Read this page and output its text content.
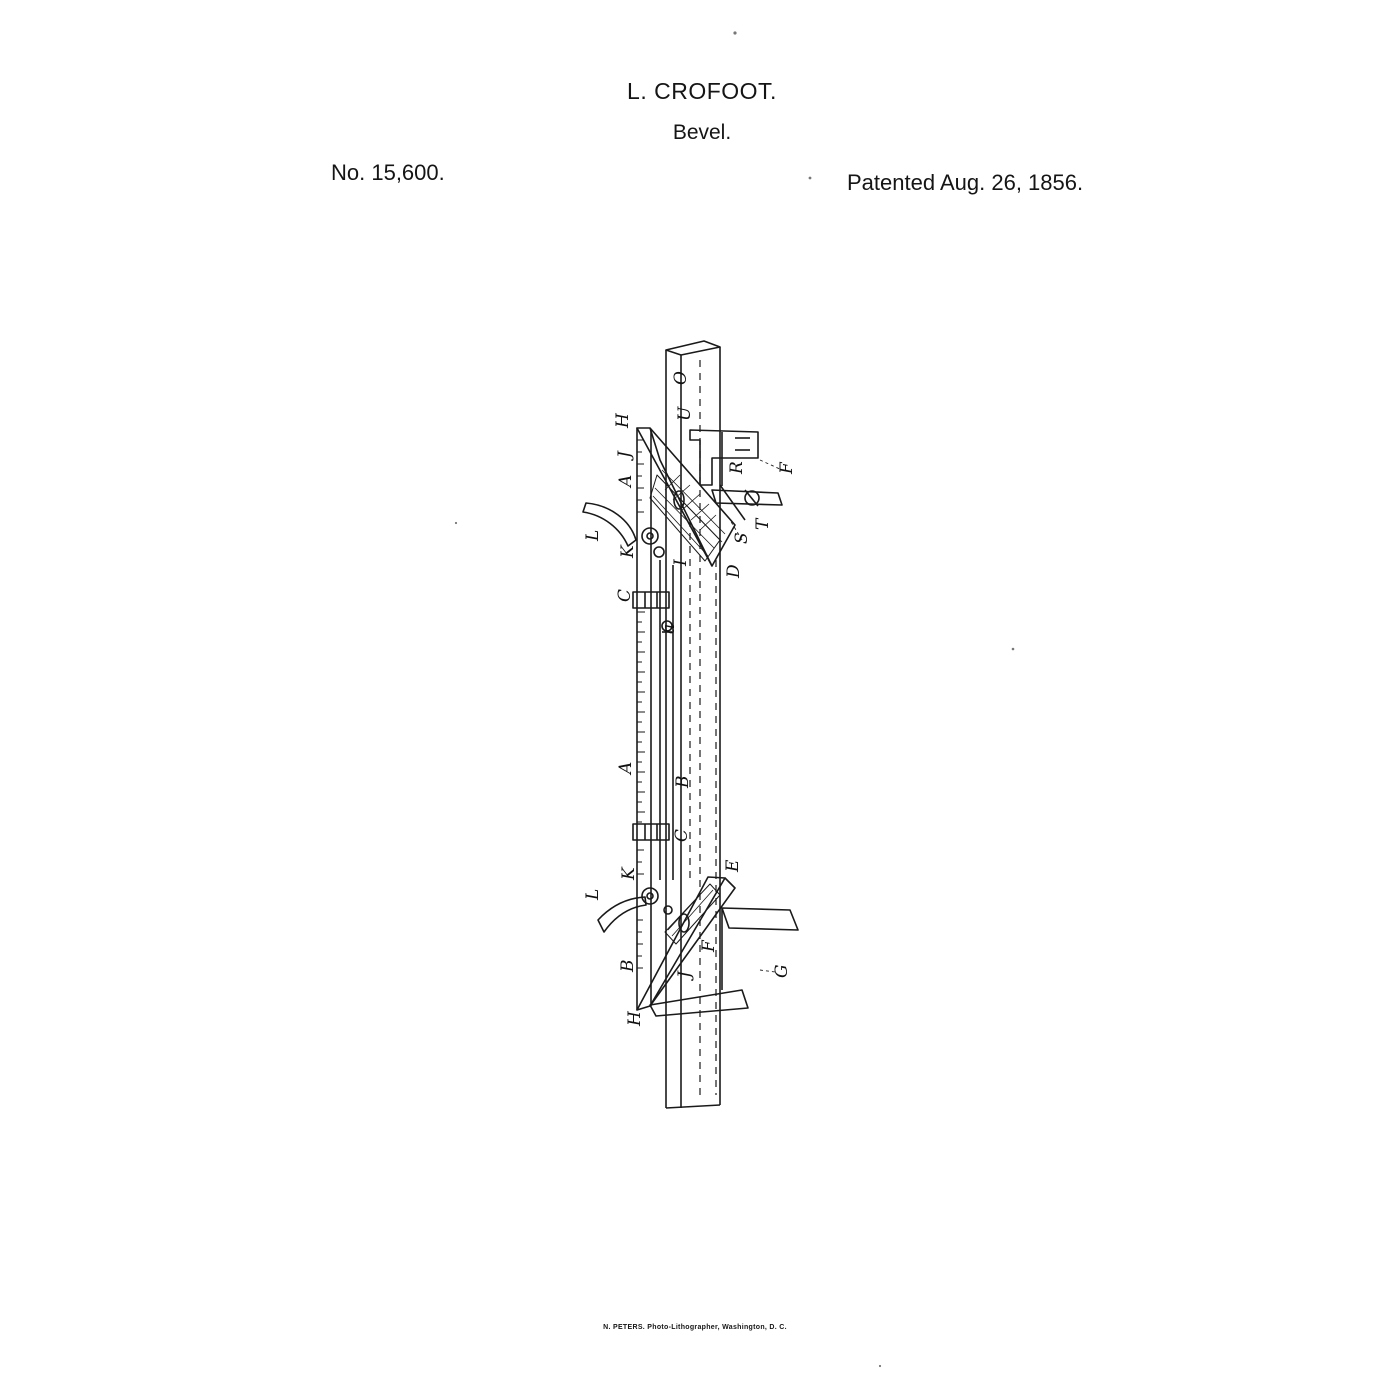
L. CROFOOT.
Bevel.
No. 15,600.	Patented Aug. 26, 1856.
H U
O
J
A
R F
L
K
T
S
I
D
C
a
A
B
C
E
K
L
F
B
J	G
H
N. PETERS. Photo-Lithographer, Washington, D. C.
